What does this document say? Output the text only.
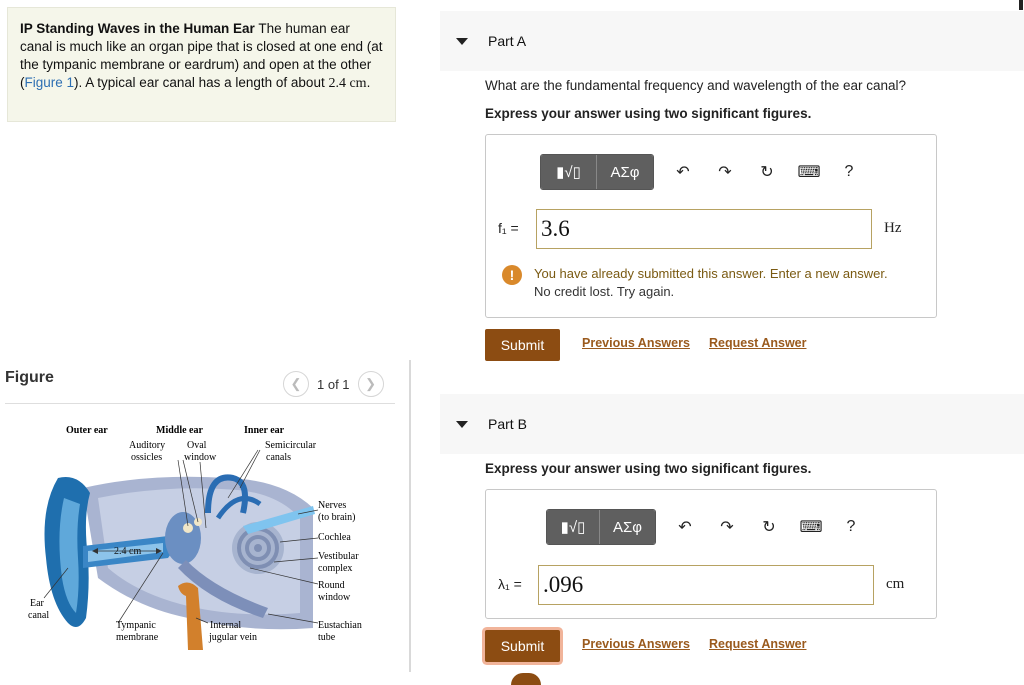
IP Standing Waves in the Human Ear The human ear canal is much like an organ pipe that is closed at one end (at the tympanic membrane or eardrum) and open at the other (Figure 1). A typical ear canal has a length of about 2.4 cm.
Figure	❮	1 of 1	❯
Outer ear	Middle ear	Inner ear
Auditory
ossicles
Oval
window
Semicircular
canals
Nerves
(to brain)
Cochlea
Vestibular
complex
Round
window
2.4 cm
Ear
canal
Tympanic
membrane
Internal
jugular vein
Eustachian
tube
Part A
What are the fundamental frequency and wavelength of the ear canal?
Express your answer using two significant figures.
▮√▯	ΑΣφ	↶	↷	↻	⌨	?
f₁ = 3.6	Hz
!	You have already submitted this answer. Enter a new answer.
No credit lost. Try again.
Submit	Previous Answers Request Answer
Part B
Express your answer using two significant figures.
▮√▯	ΑΣφ	↶	↷	↻	⌨	?
λ₁ = .096	cm
Submit	Previous Answers Request Answer
